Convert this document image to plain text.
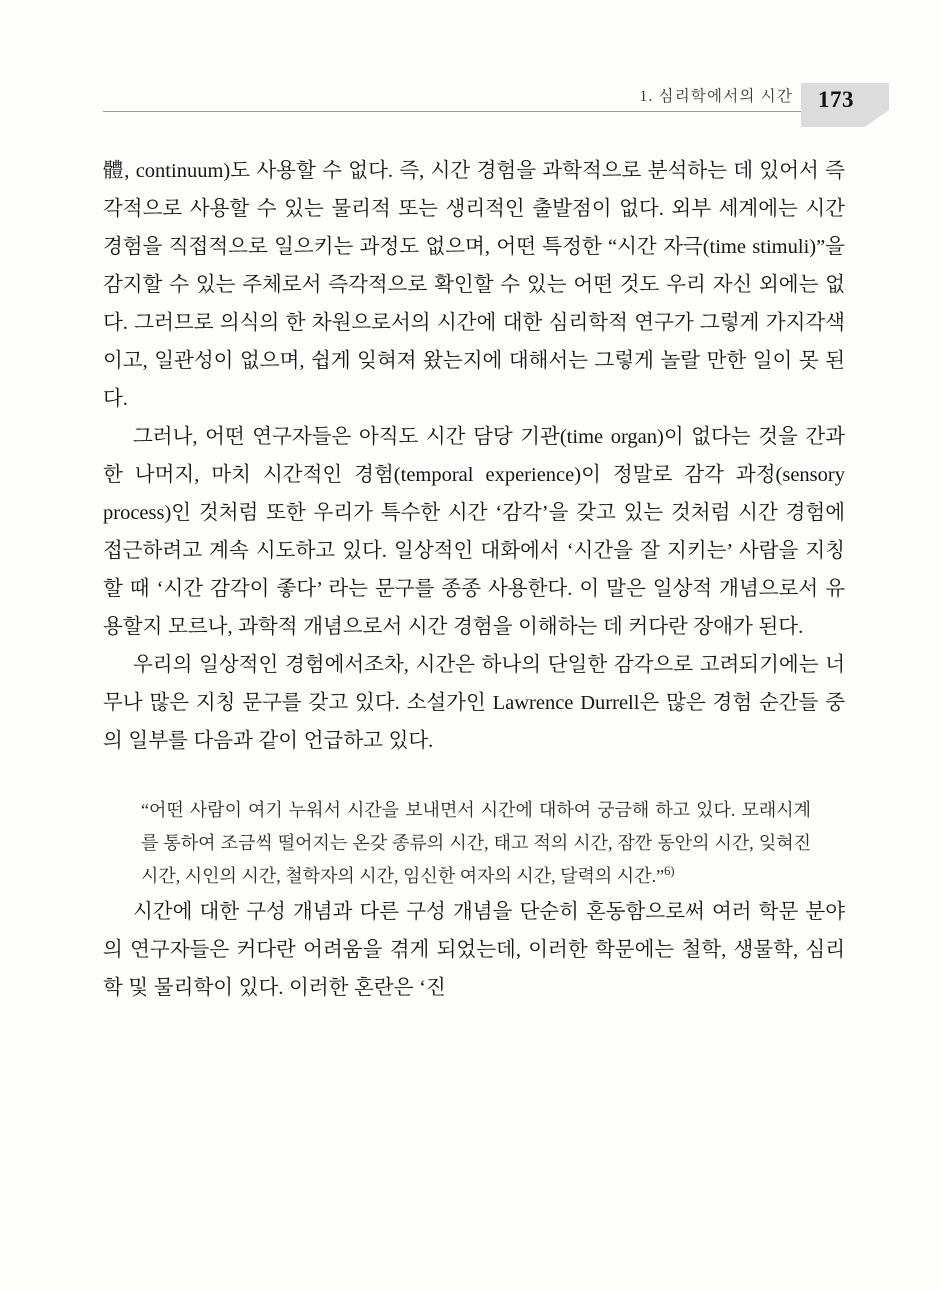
1. 심리학에서의 시간	173

體, continuum)도 사용할 수 없다. 즉, 시간 경험을 과학적으로 분석하는 데 있어서 즉각적으로 사용할 수 있는 물리적 또는 생리적인 출발점이 없다. 외부 세계에는 시간 경험을 직접적으로 일으키는 과정도 없으며, 어떤 특정한 “시간 자극(time stimuli)”을 감지할 수 있는 주체로서 즉각적으로 확인할 수 있는 어떤 것도 우리 자신 외에는 없다. 그러므로 의식의 한 차원으로서의 시간에 대한 심리학적 연구가 그렇게 가지각색이고, 일관성이 없으며, 쉽게 잊혀져 왔는지에 대해서는 그렇게 놀랄 만한 일이 못 된다.

그러나, 어떤 연구자들은 아직도 시간 담당 기관(time organ)이 없다는 것을 간과한 나머지, 마치 시간적인 경험(temporal experience)이 정말로 감각 과정(sensory process)인 것처럼 또한 우리가 특수한 시간 ‘감각’을 갖고 있는 것처럼 시간 경험에 접근하려고 계속 시도하고 있다. 일상적인 대화에서 ‘시간을 잘 지키는’ 사람을 지칭할 때 ‘시간 감각이 좋다’ 라는 문구를 종종 사용한다. 이 말은 일상적 개념으로서 유용할지 모르나, 과학적 개념으로서 시간 경험을 이해하는 데 커다란 장애가 된다.

우리의 일상적인 경험에서조차, 시간은 하나의 단일한 감각으로 고려되기에는 너무나 많은 지칭 문구를 갖고 있다. 소설가인 Lawrence Durrell은 많은 경험 순간들 중의 일부를 다음과 같이 언급하고 있다.

“어떤 사람이 여기 누워서 시간을 보내면서 시간에 대하여 궁금해 하고 있다. 모래시계를 통하여 조금씩 떨어지는 온갖 종류의 시간, 태고 적의 시간, 잠깐 동안의 시간, 잊혀진 시간, 시인의 시간, 철학자의 시간, 임신한 여자의 시간, 달력의 시간.”$^{6)}$

시간에 대한 구성 개념과 다른 구성 개념을 단순히 혼동함으로써 여러 학문 분야의 연구자들은 커다란 어려움을 겪게 되었는데, 이러한 학문에는 철학, 생물학, 심리학 및 물리학이 있다. 이러한 혼란은 ‘진
